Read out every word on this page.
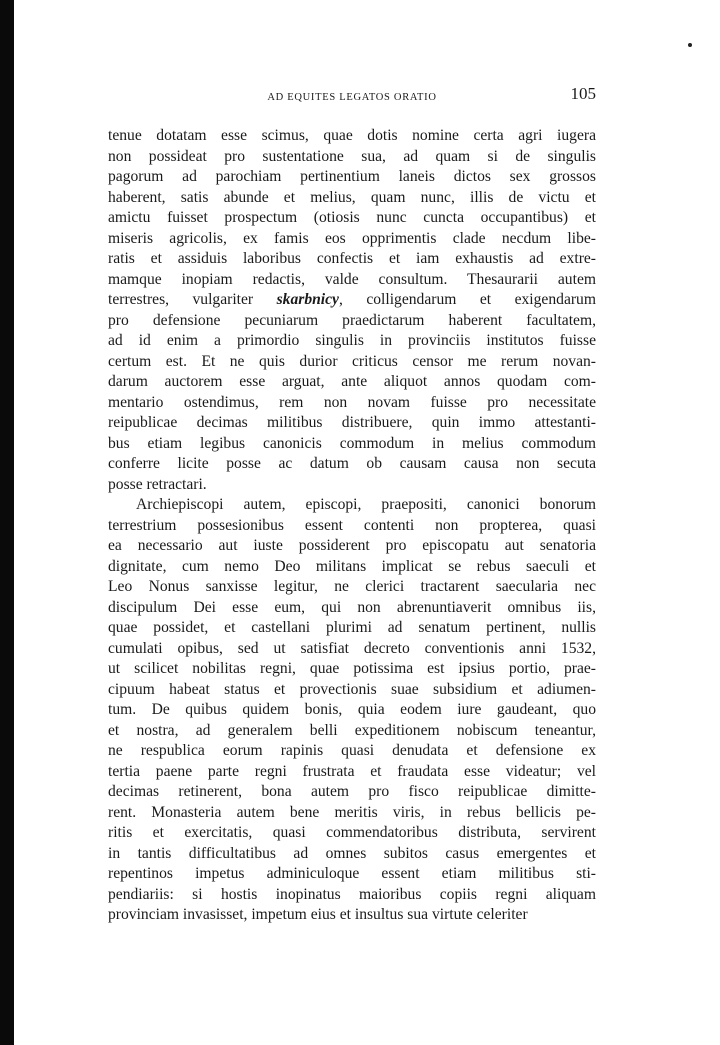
AD EQUITES LEGATOS ORATIO	105
tenue dotatam esse scimus, quae dotis nomine certa agri iugera
non possideat pro sustentatione sua, ad quam si de singulis
pagorum ad parochiam pertinentium laneis dictos sex grossos
haberent, satis abunde et melius, quam nunc, illis de victu et
amictu fuisset prospectum (otiosis nunc cuncta occupantibus) et
miseris agricolis, ex famis eos opprimentis clade necdum libe-
ratis et assiduis laboribus confectis et iam exhaustis ad extre-
mamque inopiam redactis, valde consultum. Thesaurarii autem
terrestres, vulgariter skarbnicy, colligendarum et exigendarum
pro defensione pecuniarum praedictarum haberent facultatem,
ad id enim a primordio singulis in provinciis institutos fuisse
certum est. Et ne quis durior criticus censor me rerum novan-
darum auctorem esse arguat, ante aliquot annos quodam com-
mentario ostendimus, rem non novam fuisse pro necessitate
reipublicae decimas militibus distribuere, quin immo attestanti-
bus etiam legibus canonicis commodum in melius commodum
conferre licite posse ac datum ob causam causa non secuta
posse retractari.
Archiepiscopi autem, episcopi, praepositi, canonici bonorum
terrestrium possesionibus essent contenti non propterea, quasi
ea necessario aut iuste possiderent pro episcopatu aut senatoria
dignitate, cum nemo Deo militans implicat se rebus saeculi et
Leo Nonus sanxisse legitur, ne clerici tractarent saecularia nec
discipulum Dei esse eum, qui non abrenuntiaverit omnibus iis,
quae possidet, et castellani plurimi ad senatum pertinent, nullis
cumulati opibus, sed ut satisfiat decreto conventionis anni 1532,
ut scilicet nobilitas regni, quae potissima est ipsius portio, prae-
cipuum habeat status et provectionis suae subsidium et adiumen-
tum. De quibus quidem bonis, quia eodem iure gaudeant, quo
et nostra, ad generalem belli expeditionem nobiscum teneantur,
ne respublica eorum rapinis quasi denudata et defensione ex
tertia paene parte regni frustrata et fraudata esse videatur; vel
decimas retinerent, bona autem pro fisco reipublicae dimitte-
rent. Monasteria autem bene meritis viris, in rebus bellicis pe-
ritis et exercitatis, quasi commendatoribus distributa, servirent
in tantis difficultatibus ad omnes subitos casus emergentes et
repentinos impetus adminiculoque essent etiam militibus sti-
pendiariis: si hostis inopinatus maioribus copiis regni aliquam
provinciam invasisset, impetum eius et insultus sua virtute celeriter
